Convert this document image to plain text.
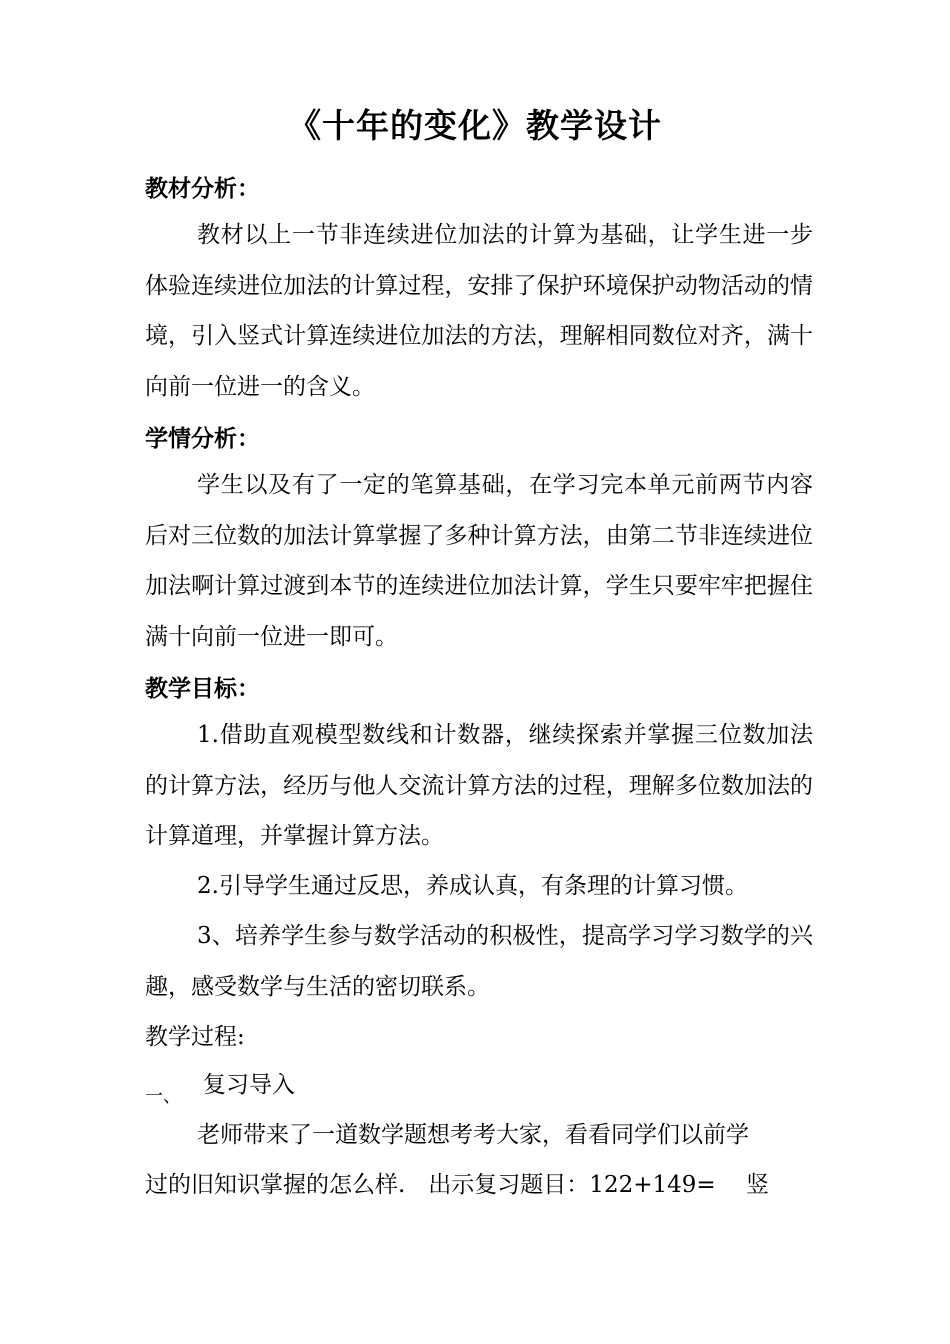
《十年的变化》教学设计
教材分析：

教材以上一节非连续进位加法的计算为基础，让学生进一步体验连续进位加法的计算过程，安排了保护环境保护动物活动的情境，引入竖式计算连续进位加法的方法，理解相同数位对齐，满十向前一位进一的含义。

学情分析：

学生以及有了一定的笔算基础，在学习完本单元前两节内容后对三位数的加法计算掌握了多种计算方法，由第二节非连续进位加法啊计算过渡到本节的连续进位加法计算，学生只要牢牢把握住满十向前一位进一即可。

教学目标：

1.借助直观模型数线和计数器，继续探索并掌握三位数加法的计算方法，经历与他人交流计算方法的过程，理解多位数加法的计算道理，并掌握计算方法。

2.引导学生通过反思，养成认真，有条理的计算习惯。

3、培养学生参与数学活动的积极性，提高学习学习数学的兴趣，感受数学与生活的密切联系。

教学过程:
一、 复习导入
老师带来了一道数学题想考考大家，看看同学们以前学
过的旧知识掌握的怎么样.　出示复习题目：122+149=　 竖
